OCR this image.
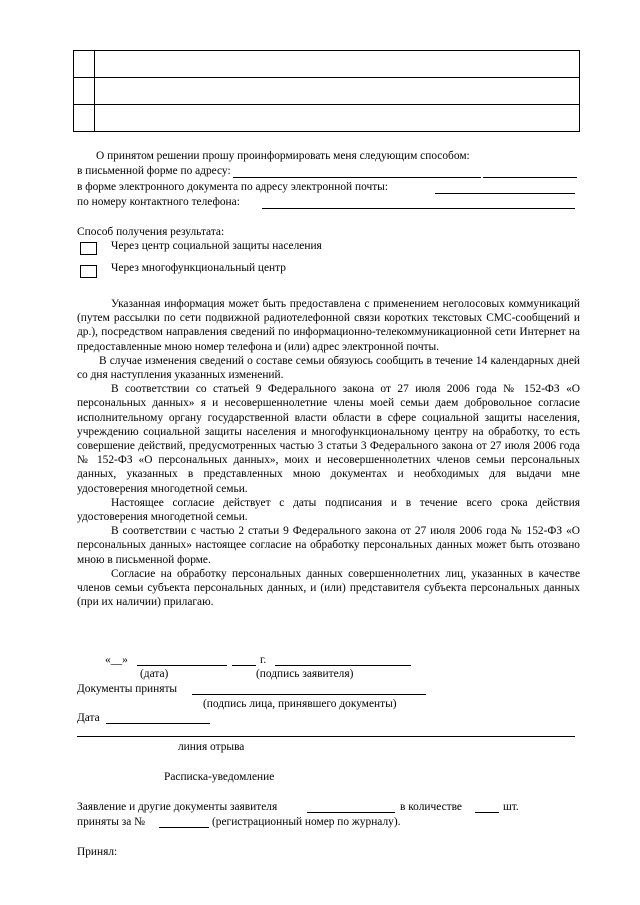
О принятом решении прошу проинформировать меня следующим способом:
в письменной форме по адресу:
в форме электронного документа по адресу электронной почты:
по номеру контактного телефона:
Способ получения результата:
Через центр социальной защиты населения
Через многофункциональный центр

Указанная информация может быть предоставлена с применением неголосовых коммуникаций (путем рассылки по сети подвижной радиотелефонной связи коротких текстовых СМС-сообщений и др.), посредством направления сведений по информационно-телекоммуникационной сети Интернет на предоставленные мною номер телефона и (или) адрес электронной почты.

В случае изменения сведений о составе семьи обязуюсь сообщить в течение 14 календарных дней со дня наступления указанных изменений.

В соответствии со статьей 9 Федерального закона от 27 июля 2006 года № 152-ФЗ «О персональных данных» я и несовершеннолетние члены моей семьи даем добровольное согласие исполнительному органу государственной власти области в сфере социальной защиты населения, учреждению социальной защиты населения и многофункциональному центру на обработку, то есть совершение действий, предусмотренных частью 3 статьи 3 Федерального закона от 27 июля 2006 года № 152-ФЗ «О персональных данных», моих и несовершеннолетних членов семьи персональных данных, указанных в представленных мною документах и необходимых для выдачи мне удостоверения многодетной семьи.

Настоящее согласие действует с даты подписания и в течение всего срока действия удостоверения многодетной семьи.

В соответствии с частью 2 статьи 9 Федерального закона от 27 июля 2006 года № 152-ФЗ «О персональных данных» настоящее согласие на обработку персональных данных может быть отозвано мною в письменной форме.

Согласие на обработку персональных данных совершеннолетних лиц, указанных в качестве членов семьи субъекта персональных данных, и (или) представителя субъекта персональных данных (при их наличии) прилагаю.

«__»	г.
(дата)	(подпись заявителя)
Документы приняты
(подпись лица, принявшего документы)
Дата
линия отрыва
Расписка-уведомление
Заявление и другие документы заявителя	в количестве	шт.
приняты за №	(регистрационный номер по журналу).
Принял:
